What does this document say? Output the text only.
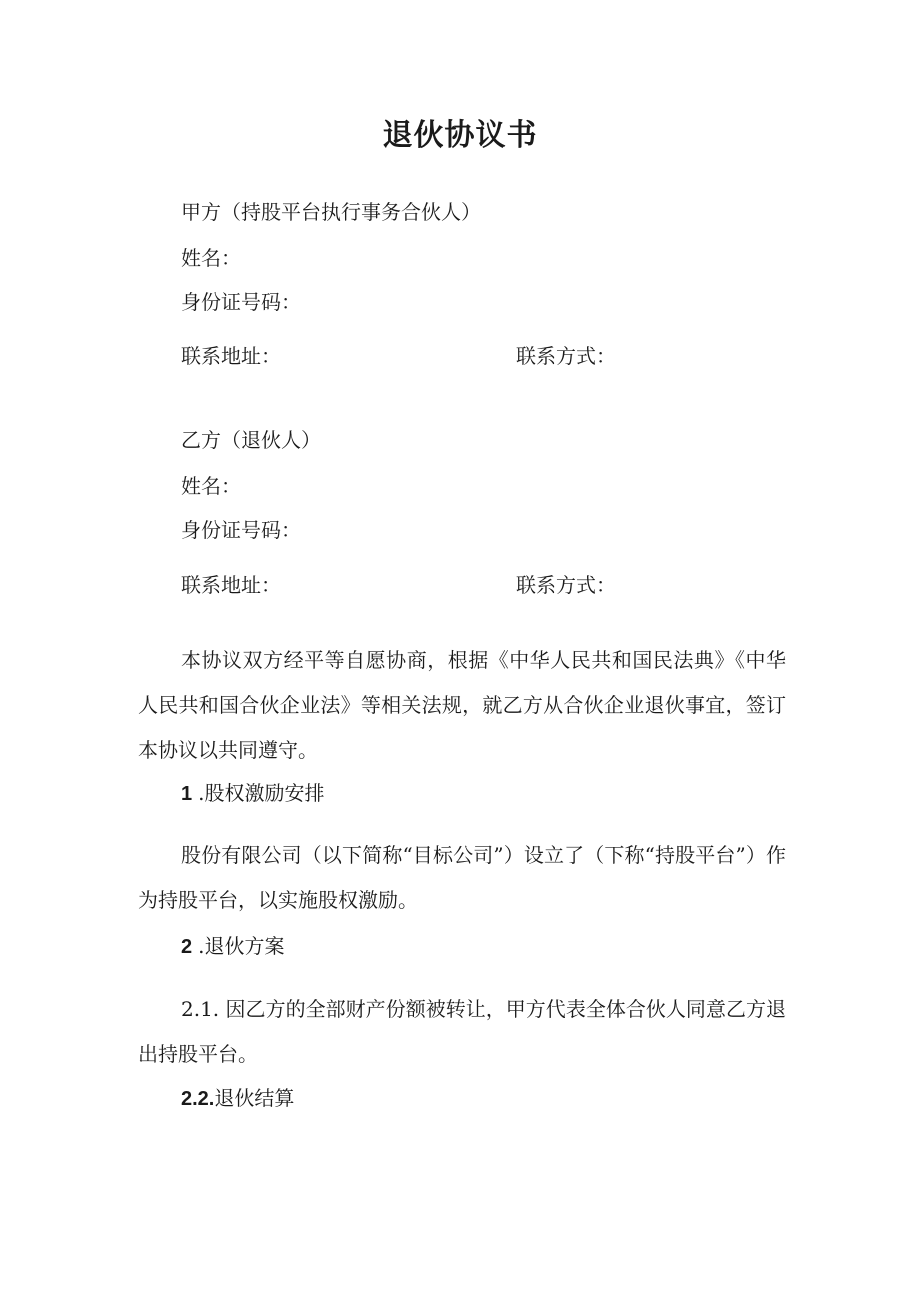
退伙协议书
甲方（持股平台执行事务合伙人）
姓名：
身份证号码：
联系地址：	联系方式：
乙方（退伙人）
姓名：
身份证号码：
联系地址：	联系方式：

本协议双方经平等自愿协商，根据《中华人民共和国民法典》《中华人民共和国合伙企业法》等相关法规，就乙方从合伙企业退伙事宜，签订本协议以共同遵守。

1 .股权激励安排

股份有限公司（以下简称“目标公司”）设立了（下称“持股平台”）作为持股平台，以实施股权激励。

2 .退伙方案

2.1. 因乙方的全部财产份额被转让，甲方代表全体合伙人同意乙方退出持股平台。

2.2.退伙结算
